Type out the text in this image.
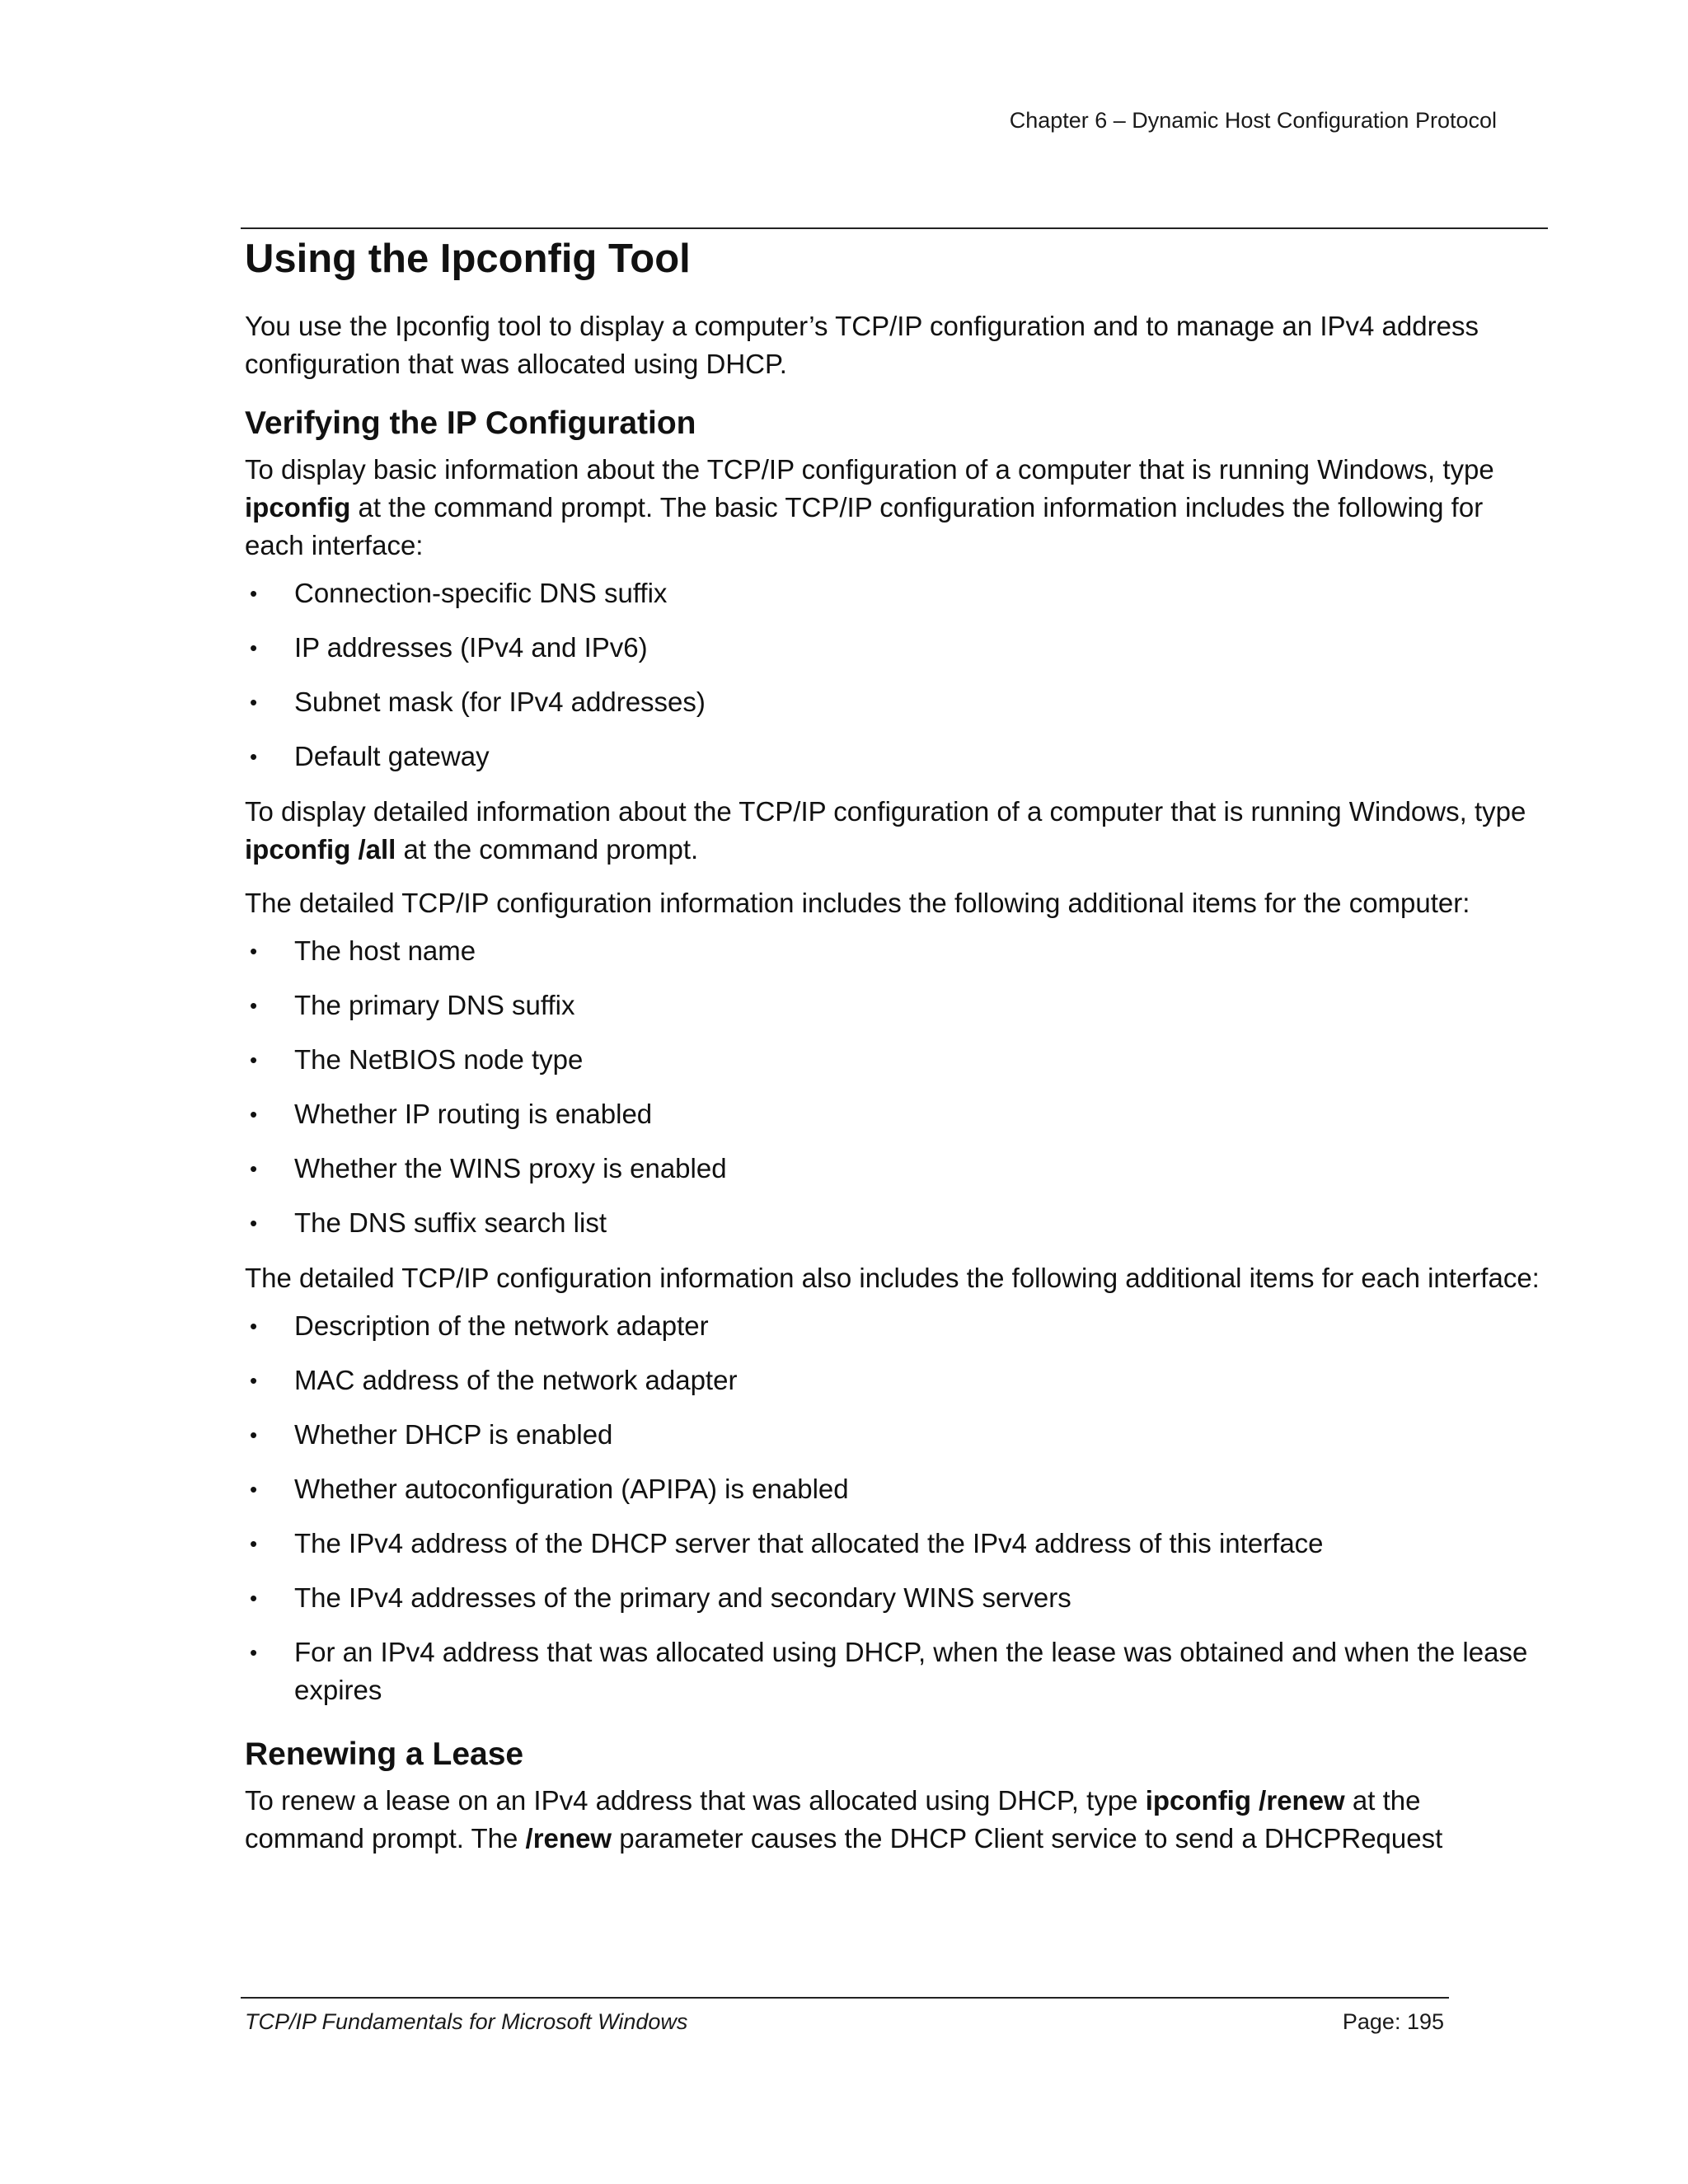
Chapter 6 – Dynamic Host Configuration Protocol
Using the Ipconfig Tool

You use the Ipconfig tool to display a computer’s TCP/IP configuration and to manage an IPv4 address configuration that was allocated using DHCP.

Verifying the IP Configuration

To display basic information about the TCP/IP configuration of a computer that is running Windows, type ipconfig at the command prompt. The basic TCP/IP configuration information includes the following for each interface:

• Connection-specific DNS suffix
• IP addresses (IPv4 and IPv6)
• Subnet mask (for IPv4 addresses)
• Default gateway

To display detailed information about the TCP/IP configuration of a computer that is running Windows, type ipconfig /all at the command prompt.

The detailed TCP/IP configuration information includes the following additional items for the computer:

• The host name
• The primary DNS suffix
• The NetBIOS node type
• Whether IP routing is enabled
• Whether the WINS proxy is enabled
• The DNS suffix search list

The detailed TCP/IP configuration information also includes the following additional items for each interface:

• Description of the network adapter
• MAC address of the network adapter
• Whether DHCP is enabled
• Whether autoconfiguration (APIPA) is enabled
• The IPv4 address of the DHCP server that allocated the IPv4 address of this interface
• The IPv4 addresses of the primary and secondary WINS servers
• For an IPv4 address that was allocated using DHCP, when the lease was obtained and when the lease expires
Renewing a Lease

To renew a lease on an IPv4 address that was allocated using DHCP, type ipconfig /renew at the command prompt. The /renew parameter causes the DHCP Client service to send a DHCPRequest

TCP/IP Fundamentals for Microsoft Windows	Page: 195
